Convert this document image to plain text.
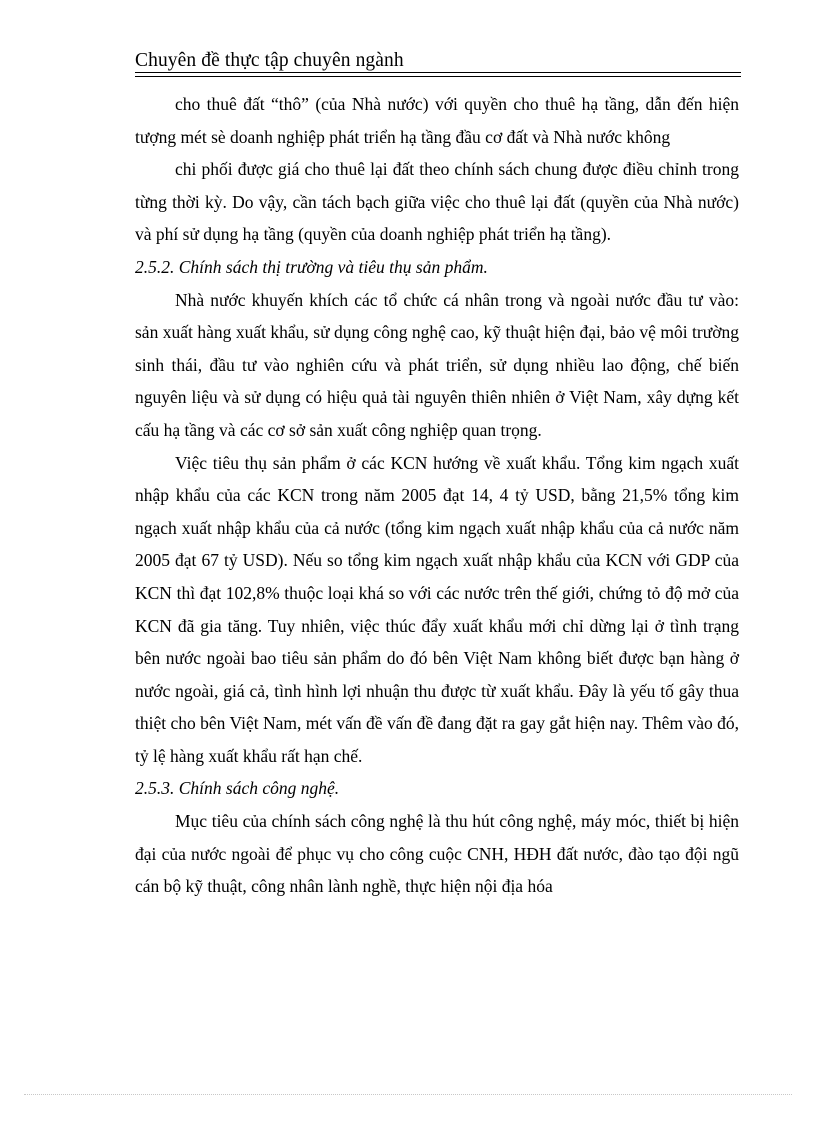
Chuyên đề thực tập chuyên ngành

cho thuê đất “thô” (của Nhà nước) với quyền cho thuê hạ tầng, dẫn đến hiện tượng mét sè doanh nghiệp phát triển hạ tầng đầu cơ đất và Nhà nước không

chi phối được giá cho thuê lại đất theo chính sách chung được điều chỉnh trong từng thời kỳ. Do vậy, cần tách bạch giữa việc cho thuê lại đất (quyền của Nhà nước) và phí sử dụng hạ tầng (quyền của doanh nghiệp phát triển hạ tầng).

2.5.2. Chính sách thị trường và tiêu thụ sản phẩm.

Nhà nước khuyến khích các tổ chức cá nhân trong và ngoài nước đầu tư vào: sản xuất hàng xuất khẩu, sử dụng công nghệ cao, kỹ thuật hiện đại, bảo vệ môi trường sinh thái, đầu tư vào nghiên cứu và phát triển, sử dụng nhiều lao động, chế biến nguyên liệu và sử dụng có hiệu quả tài nguyên thiên nhiên ở Việt Nam, xây dựng kết cấu hạ tầng và các cơ sở sản xuất công nghiệp quan trọng.

Việc tiêu thụ sản phẩm ở các KCN hướng về xuất khẩu. Tổng kim ngạch xuất nhập khẩu của các KCN trong năm 2005 đạt 14, 4 tỷ USD, bằng 21,5% tổng kim ngạch xuất nhập khẩu của cả nước (tổng kim ngạch xuất nhập khẩu của cả nước năm 2005 đạt 67 tỷ USD). Nếu so tổng kim ngạch xuất nhập khẩu của KCN với GDP của KCN thì đạt 102,8% thuộc loại khá so với các nước trên thế giới, chứng tỏ độ mở của KCN đã gia tăng. Tuy nhiên, việc thúc đẩy xuất khẩu mới chỉ dừng lại ở tình trạng bên nước ngoài bao tiêu sản phẩm do đó bên Việt Nam không biết được bạn hàng ở nước ngoài, giá cả, tình hình lợi nhuận thu được từ xuất khẩu. Đây là yếu tố gây thua thiệt cho bên Việt Nam, mét vấn đề vấn đề đang đặt ra gay gắt hiện nay. Thêm vào đó, tỷ lệ hàng xuất khẩu rất hạn chế.

2.5.3. Chính sách công nghệ.

Mục tiêu của chính sách công nghệ là thu hút công nghệ, máy móc, thiết bị hiện đại của nước ngoài để phục vụ cho công cuộc CNH, HĐH đất nước, đào tạo đội ngũ cán bộ kỹ thuật, công nhân lành nghề, thực hiện nội địa hóa
